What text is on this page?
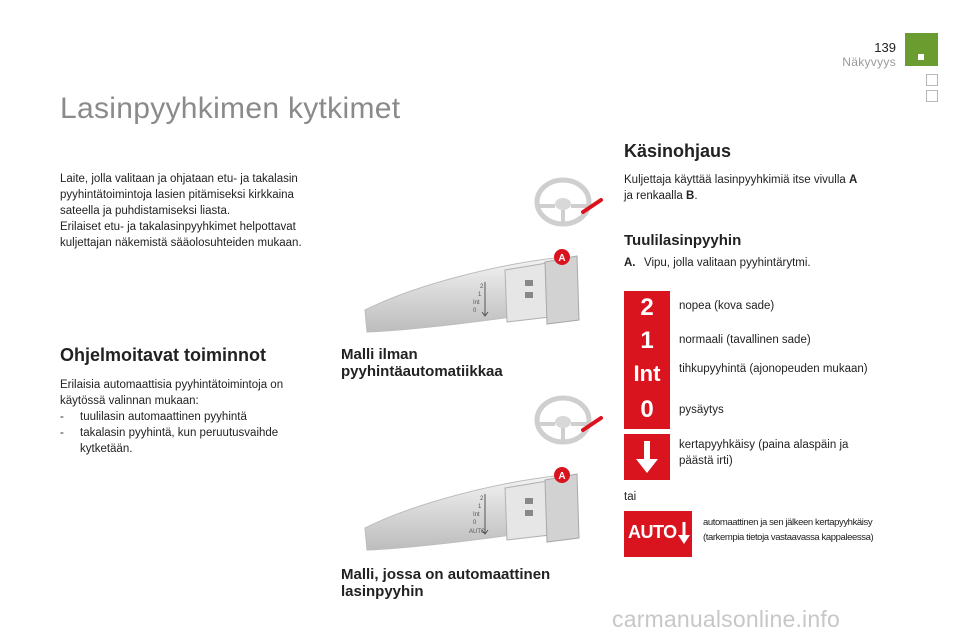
139
Näkyvyys
Lasinpyyhkimen kytkimet
Laite, jolla valitaan ja ohjataan etu- ja takalasin
pyyhintätoimintoja lasien pitämiseksi kirkkaina
sateella ja puhdistamiseksi liasta.
Erilaiset etu- ja takalasinpyyhkimet helpottavat
kuljettajan näkemistä sääolosuhteiden mukaan.
Ohjelmoitavat toiminnot
Erilaisia automaattisia pyyhintätoimintoja on
käytössä valinnan mukaan:
- tuulilasin automaattinen pyyhintä
- takalasin pyyhintä, kun peruutusvaihde kytketään.
2
1
Int
0
A
Malli ilman
pyyhintäautomatiikkaa
2
1
Int
0
AUTO
A
Malli, jossa on automaattinen
lasinpyyhin
Käsinohjaus
Kuljettaja käyttää lasinpyyhkimiä itse vivulla A
ja renkaalla B.
Tuulilasinpyyhin
A. Vipu, jolla valitaan pyyhintärytmi.
2
1
Int
0
nopea (kova sade)
normaali (tavallinen sade)
tihkupyyhintä (ajonopeuden mukaan)
pysäytys
kertapyyhkäisy (paina alaspäin ja
päästä irti)
tai
AUTO	automaattinen ja sen jälkeen kertapyyhkäisy
(tarkempia tietoja vastaavassa kappaleessa)
carmanualsonline.info
